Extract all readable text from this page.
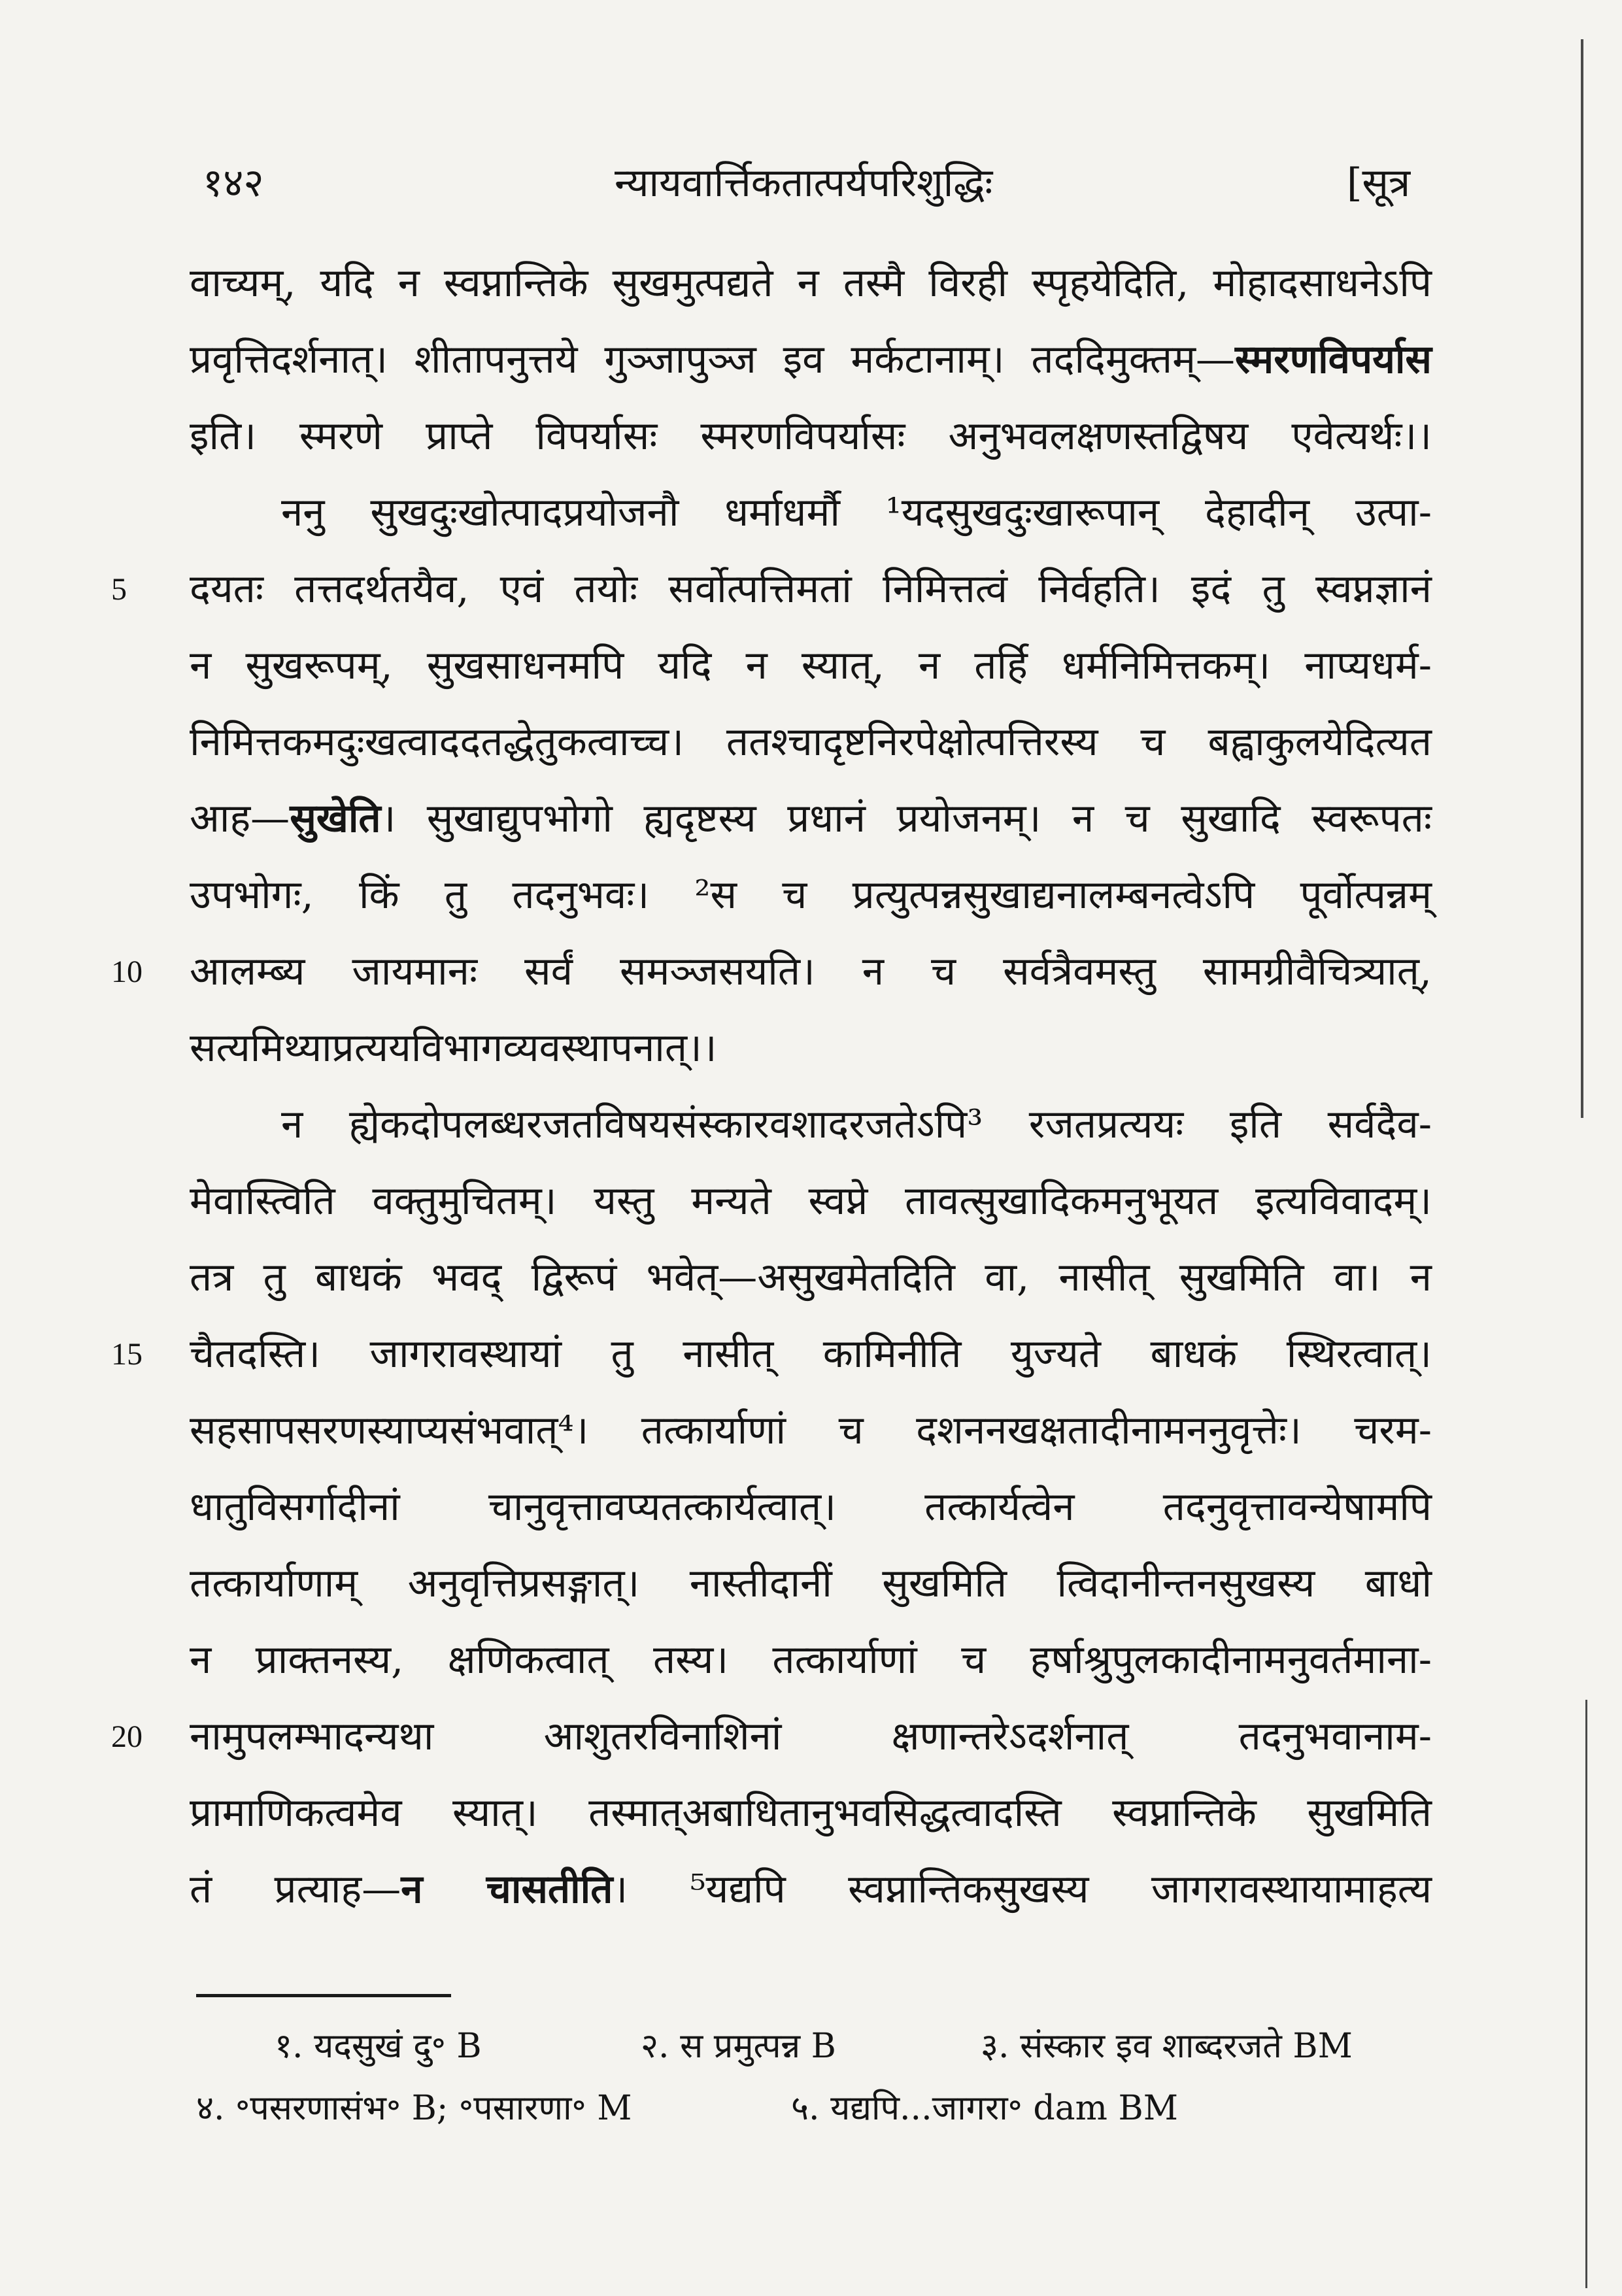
१४२	न्यायवार्त्तिकतात्पर्यपरिशुद्धिः	[सूत्र
वाच्यम्, यदि न स्वप्नान्तिके सुखमुत्पद्यते न तस्मै विरही स्पृहयेदिति, मोहादसाधनेऽपि
प्रवृत्तिदर्शनात्। शीतापनुत्तये गुञ्जापुञ्ज इव मर्कटानाम्। तददिमुक्तम्—स्मरणविपर्यास
इति। स्मरणे प्राप्ते विपर्यासः स्मरणविपर्यासः अनुभवलक्षणस्तद्विषय एवेत्यर्थः।।
ननु सुखदुःखोत्पादप्रयोजनौ धर्माधर्मौ ¹यदसुखदुःखारूपान् देहादीन् उत्पा-
5	दयतः तत्तदर्थतयैव, एवं तयोः सर्वोत्पत्तिमतां निमित्तत्वं निर्वहति। इदं तु स्वप्नज्ञानं
न सुखरूपम्, सुखसाधनमपि यदि न स्यात्, न तर्हि धर्मनिमित्तकम्। नाप्यधर्म-
निमित्तकमदुःखत्वाददतद्धेतुकत्वाच्च। ततश्चादृष्टनिरपेक्षोत्पत्तिरस्य च बह्वाकुलयेदित्यत
आह—सुखेति। सुखाद्युपभोगो ह्यदृष्टस्य प्रधानं प्रयोजनम्। न च सुखादि स्वरूपतः
उपभोगः, किं तु तदनुभवः। ²स च प्रत्युत्पन्नसुखाद्यनालम्बनत्वेऽपि पूर्वोत्पन्नम्
10	आलम्ब्य जायमानः सर्वं समञ्जसयति। न च सर्वत्रैवमस्तु सामग्रीवैचित्र्यात्,
सत्यमिथ्याप्रत्ययविभागव्यवस्थापनात्।।
न ह्येकदोपलब्धरजतविषयसंस्कारवशादरजतेऽपि³ रजतप्रत्ययः इति सर्वदैव-
मेवास्त्विति वक्तुमुचितम्। यस्तु मन्यते स्वप्ने तावत्सुखादिकमनुभूयत इत्यविवादम्।
तत्र तु बाधकं भवद् द्विरूपं भवेत्—असुखमेतदिति वा, नासीत् सुखमिति वा। न
15	चैतदस्ति। जागरावस्थायां तु नासीत् कामिनीति युज्यते बाधकं स्थिरत्वात्।
सहसापसरणस्याप्यसंभवात्⁴। तत्कार्याणां च दशननखक्षतादीनामननुवृत्तेः। चरम-
धातुविसर्गादीनां चानुवृत्तावप्यतत्कार्यत्वात्। तत्कार्यत्वेन तदनुवृत्तावन्येषामपि
तत्कार्याणाम् अनुवृत्तिप्रसङ्गात्। नास्तीदानीं सुखमिति त्विदानीन्तनसुखस्य बाधो
न प्राक्तनस्य, क्षणिकत्वात् तस्य। तत्कार्याणां च हर्षाश्रुपुलकादीनामनुवर्तमाना-
20	नामुपलम्भादन्यथा आशुतरविनाशिनां क्षणान्तरेऽदर्शनात् तदनुभवानाम-
प्रामाणिकत्वमेव स्यात्। तस्मात्अबाधितानुभवसिद्धत्वादस्ति स्वप्नान्तिके सुखमिति
तं प्रत्याह—न चासतीति। ⁵यद्यपि स्वप्नान्तिकसुखस्य जागरावस्थायामाहत्य
१. यदसुखं दु॰ B	२. स प्रमुत्पन्न B	३. संस्कार इव शाब्दरजते BM
४. ॰पसरणासंभ॰ B; ॰पसारणा॰ M	५. यद्यपि...जागरा॰ dam BM
